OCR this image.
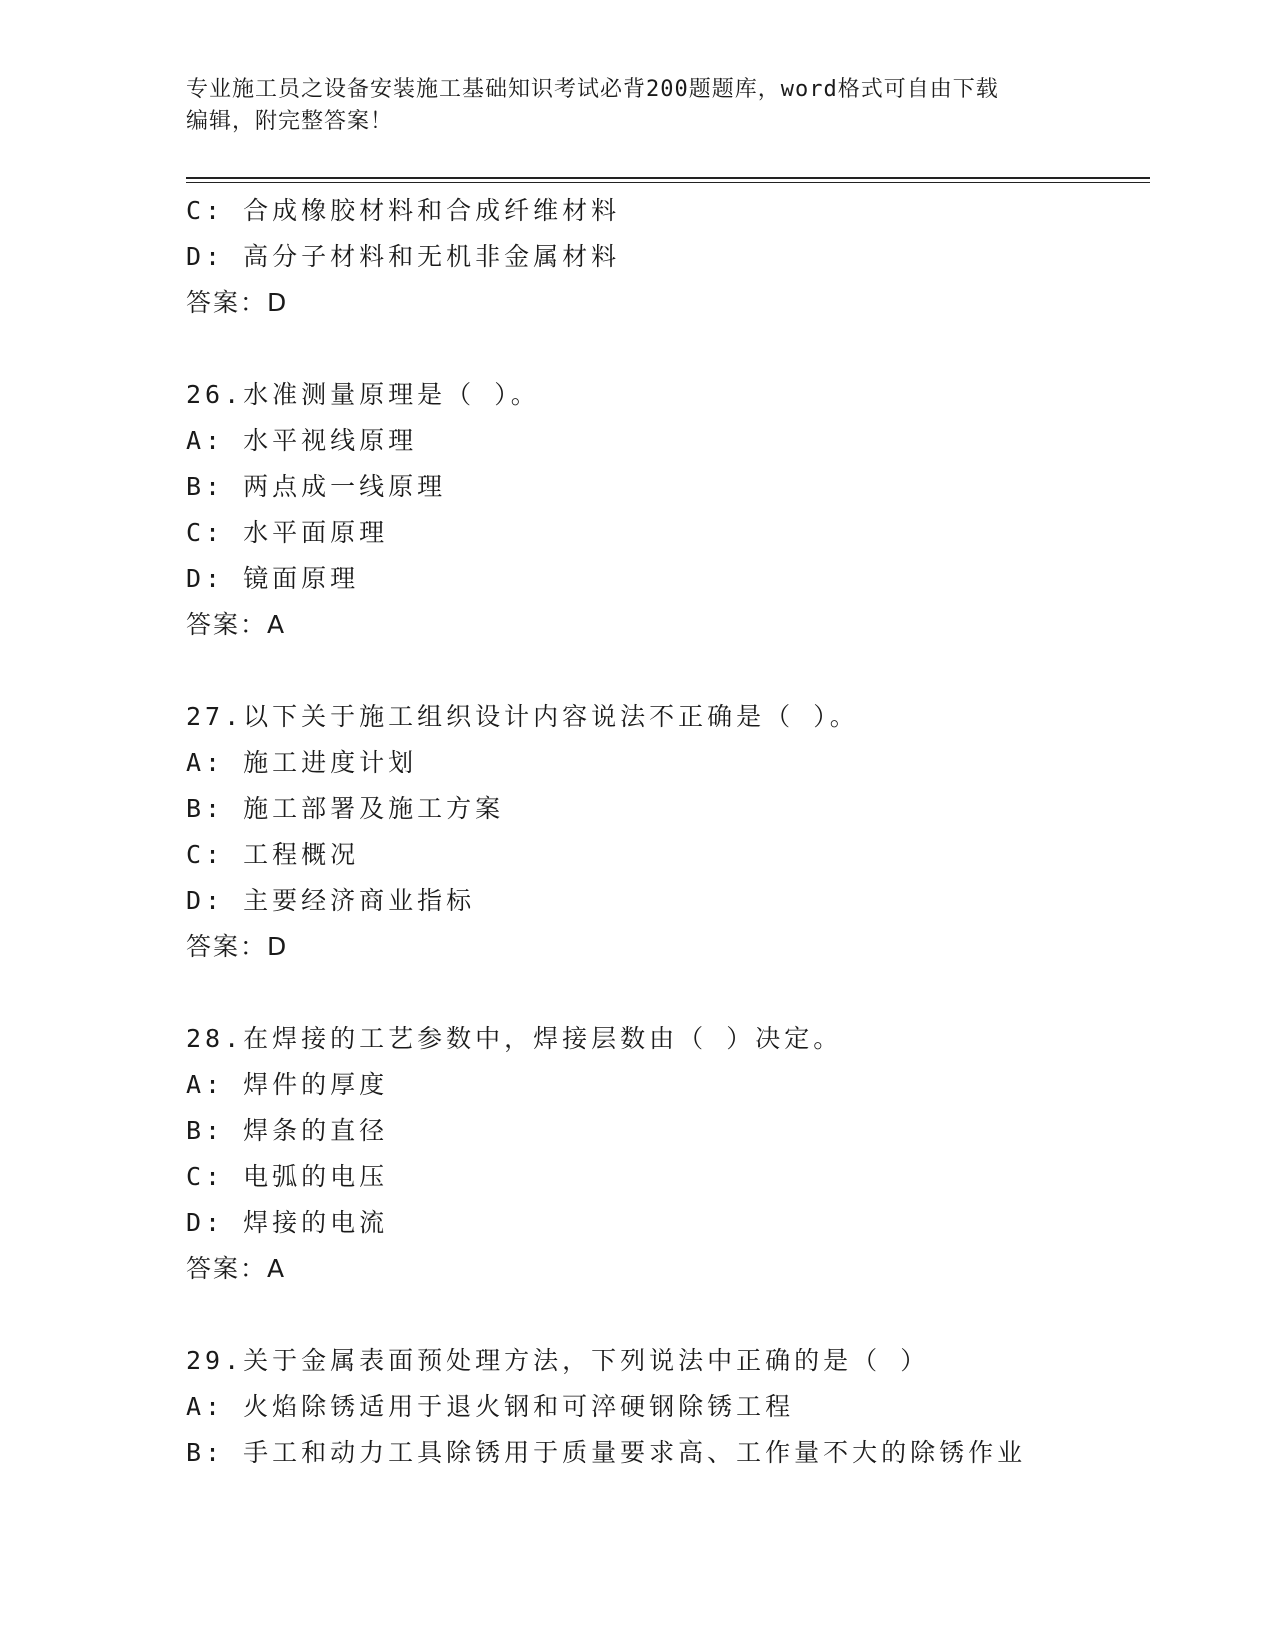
专业施工员之设备安装施工基础知识考试必背200题题库，word格式可自由下载
编辑，附完整答案！
C: 合成橡胶材料和合成纤维材料
D: 高分子材料和无机非金属材料
答案：D
26.水准测量原理是（ ）。
A: 水平视线原理
B: 两点成一线原理
C: 水平面原理
D: 镜面原理
答案：A
27.以下关于施工组织设计内容说法不正确是（ ）。
A: 施工进度计划
B: 施工部署及施工方案
C: 工程概况
D: 主要经济商业指标
答案：D
28.在焊接的工艺参数中，焊接层数由（ ）决定。
A: 焊件的厚度
B: 焊条的直径
C: 电弧的电压
D: 焊接的电流
答案：A
29.关于金属表面预处理方法，下列说法中正确的是（ ）
A: 火焰除锈适用于退火钢和可淬硬钢除锈工程
B: 手工和动力工具除锈用于质量要求高、工作量不大的除锈作业
